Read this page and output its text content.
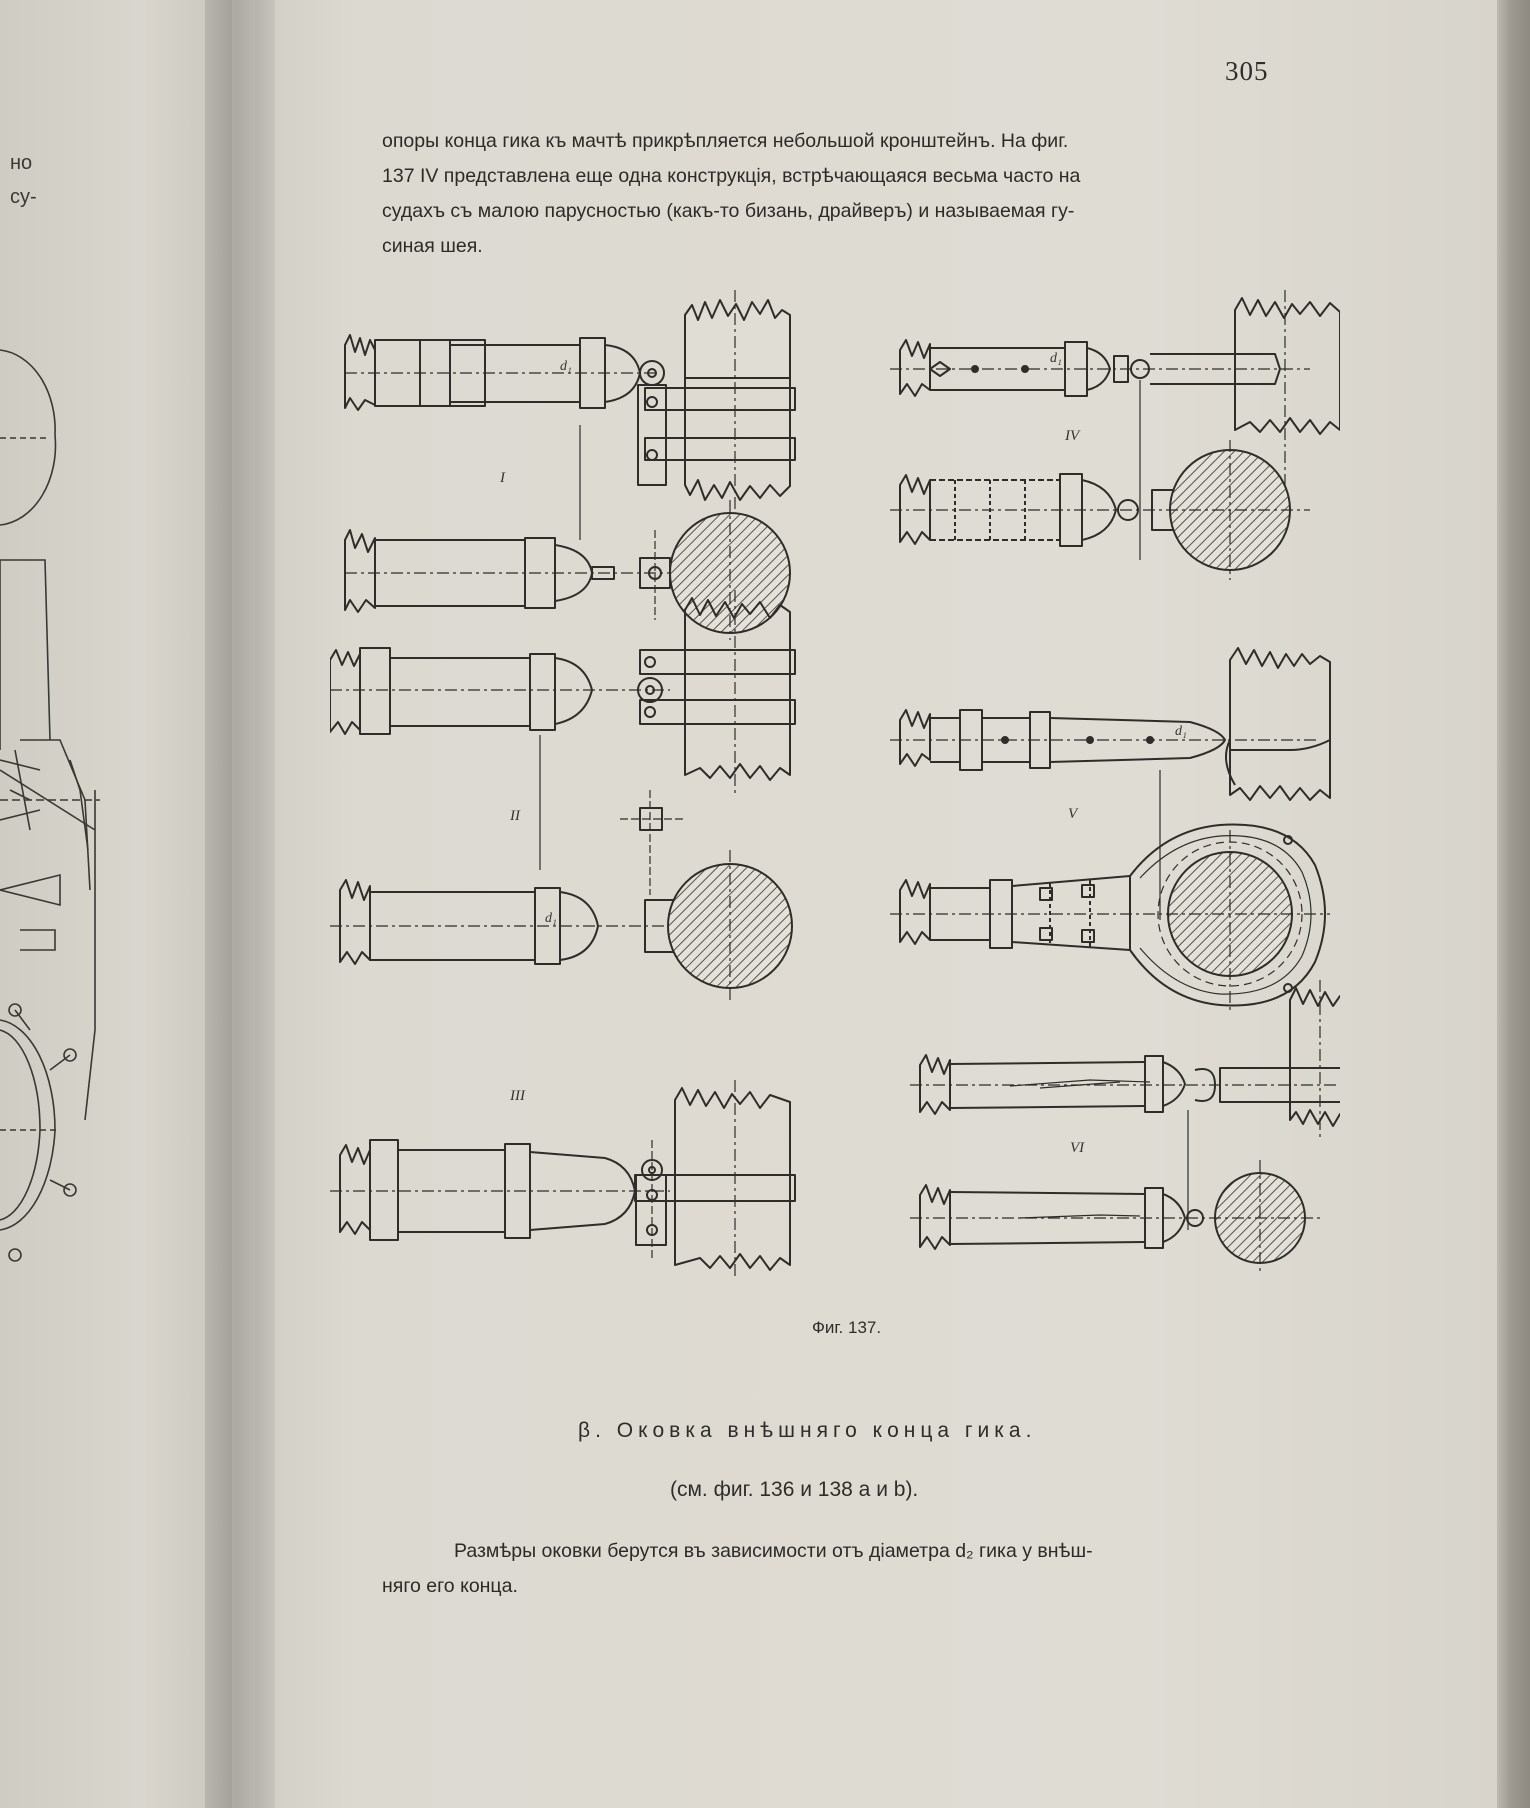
но
су-
305
опоры конца гика къ мачтѣ прикрѣпляется небольшой кронштейнъ. На фиг.
137 IV представлена еще одна конструкція, встрѣчающаяся весьма часто на
судахъ съ малою парусностью (какъ-то бизань, драйверъ) и называемая гу-
синая шея.
d₁
I
II
d₁
III
d₁
IV
d₁
V
VI
Фиг. 137.
β. Оковка внѣшняго конца гика.
(см. фиг. 136 и 138 a и b).
Размѣры оковки берутся въ зависимости отъ діаметра d₂ гика у внѣш-
няго его конца.
